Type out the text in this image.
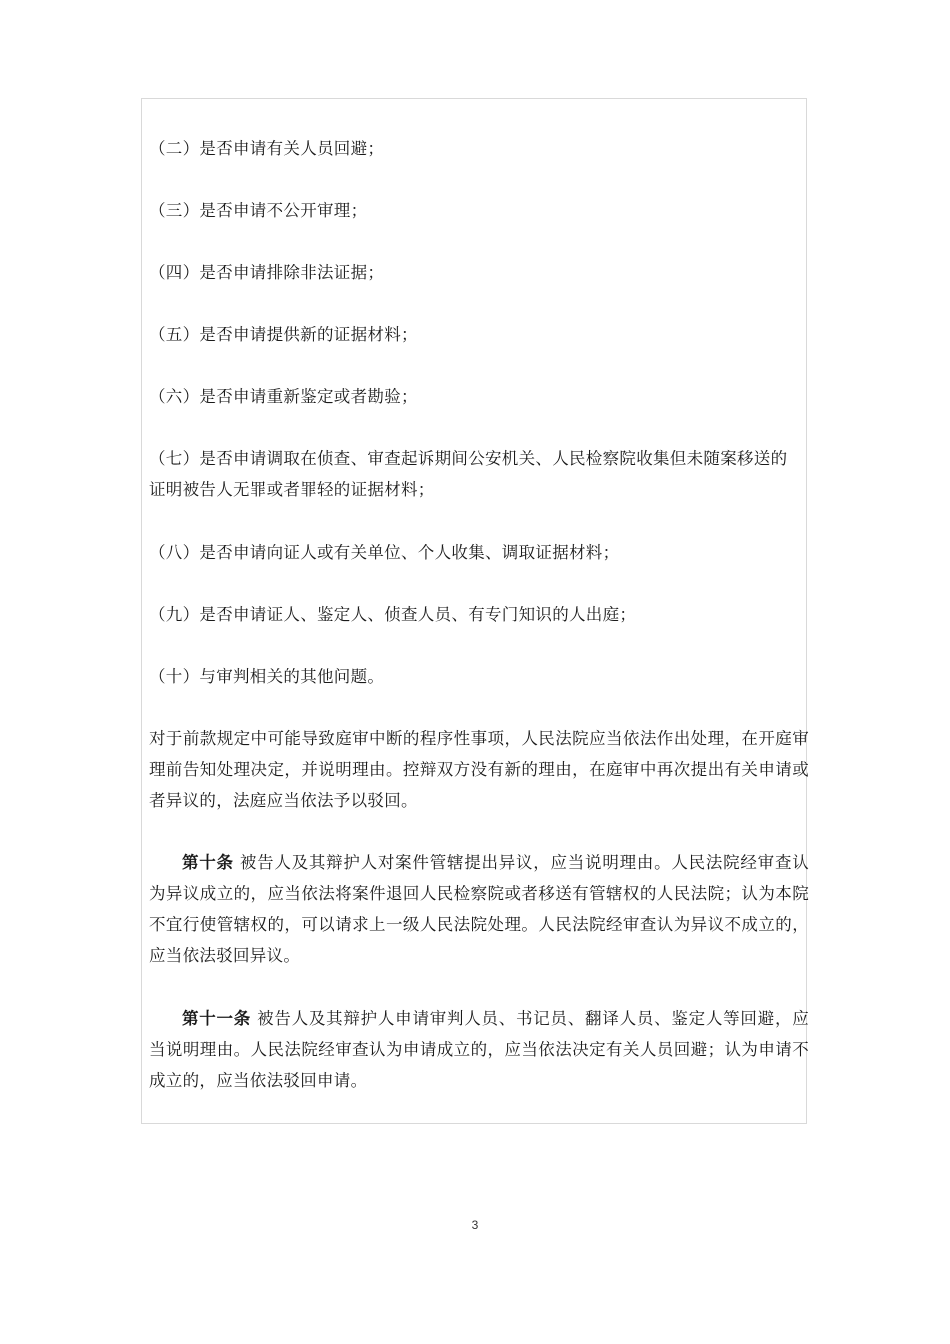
（二）是否申请有关人员回避；
（三）是否申请不公开审理；
（四）是否申请排除非法证据；
（五）是否申请提供新的证据材料；
（六）是否申请重新鉴定或者勘验；
（七）是否申请调取在侦查、审查起诉期间公安机关、人民检察院收集但未随案移送的证明被告人无罪或者罪轻的证据材料；
（八）是否申请向证人或有关单位、个人收集、调取证据材料；
（九）是否申请证人、鉴定人、侦查人员、有专门知识的人出庭；
（十）与审判相关的其他问题。
对于前款规定中可能导致庭审中断的程序性事项，人民法院应当依法作出处理，在开庭审理前告知处理决定，并说明理由。控辩双方没有新的理由，在庭审中再次提出有关申请或者异议的，法庭应当依法予以驳回。
第十条 被告人及其辩护人对案件管辖提出异议，应当说明理由。人民法院经审查认为异议成立的，应当依法将案件退回人民检察院或者移送有管辖权的人民法院；认为本院不宜行使管辖权的，可以请求上一级人民法院处理。人民法院经审查认为异议不成立的，应当依法驳回异议。
第十一条 被告人及其辩护人申请审判人员、书记员、翻译人员、鉴定人等回避，应当说明理由。人民法院经审查认为申请成立的，应当依法决定有关人员回避；认为申请不成立的，应当依法驳回申请。
3
